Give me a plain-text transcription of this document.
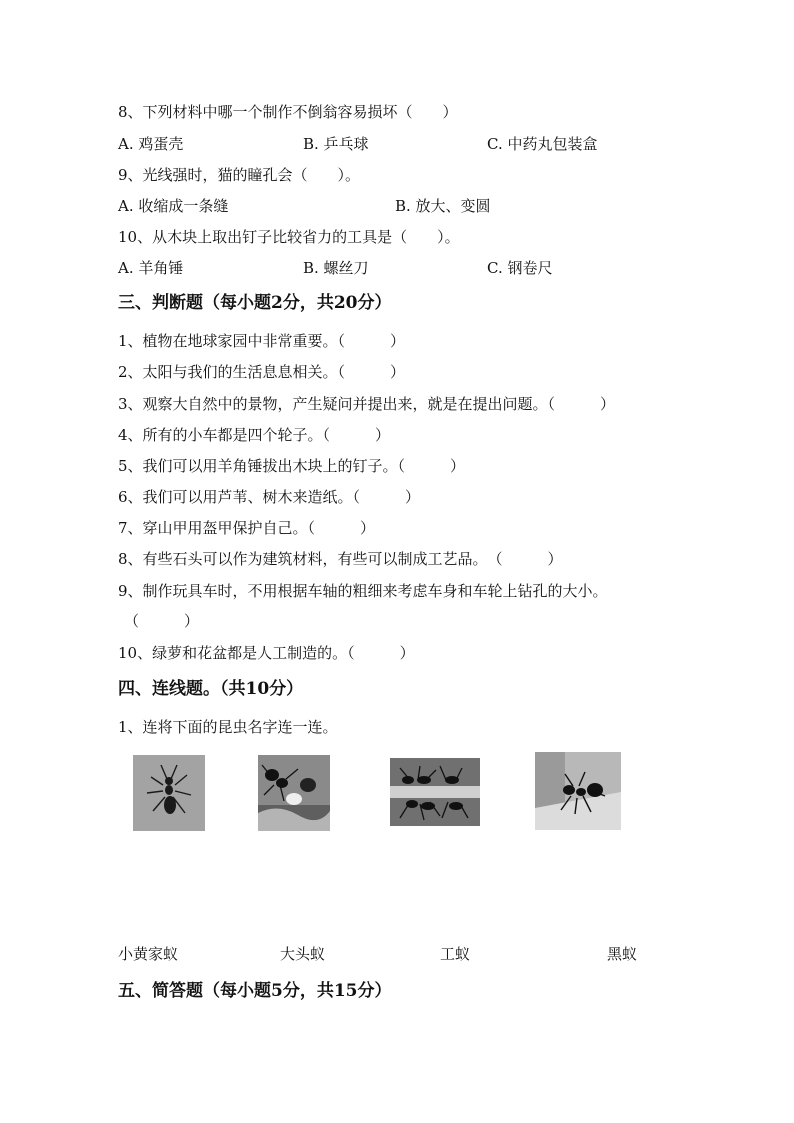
8、下列材料中哪一个制作不倒翁容易损坏（　　）
A. 鸡蛋壳	B. 乒乓球	C. 中药丸包装盒
9、光线强时，猫的瞳孔会（　　）。
A. 收缩成一条缝	B. 放大、变圆
10、从木块上取出钉子比较省力的工具是（　　）。
A. 羊角锤	B. 螺丝刀	C. 钢卷尺
三、判断题（每小题2分，共20分）
1、植物在地球家园中非常重要。（　　　）
2、太阳与我们的生活息息相关。（　　　）
3、观察大自然中的景物，产生疑问并提出来，就是在提出问题。（　　　）
4、所有的小车都是四个轮子。（　　　）
5、我们可以用羊角锤拔出木块上的钉子。（　　　）
6、我们可以用芦苇、树木来造纸。（　　　）
7、穿山甲用盔甲保护自己。（　　　）
8、有些石头可以作为建筑材料，有些可以制成工艺品。　（　　　）
9、制作玩具车时，不用根据车轴的粗细来考虑车身和车轮上钻孔的大小。
（　　　）
10、绿萝和花盆都是人工制造的。（　　　）
四、连线题。（共10分）
1、连将下面的昆虫名字连一连。
小黄家蚁	大头蚁	工蚁	黑蚁
五、简答题（每小题5分，共15分）
